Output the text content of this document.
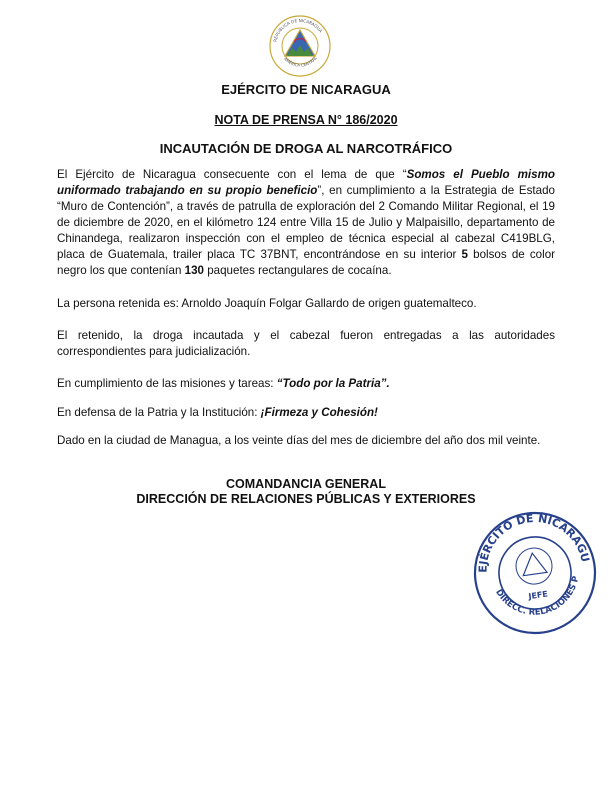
REPÚBLICA DE NICARAGUA
AMÉRICA CENTRAL
EJÉRCITO DE NICARAGUA
NOTA DE PRENSA N° 186/2020
INCAUTACIÓN DE DROGA AL NARCOTRÁFICO

El Ejército de Nicaragua consecuente con el lema de que “Somos el Pueblo mismo uniformado trabajando en su propio beneficio”, en cumplimiento a la Estrategia de Estado “Muro de Contención”, a través de patrulla de exploración del 2 Comando Militar Regional, el 19 de diciembre de 2020, en el kilómetro 124 entre Villa 15 de Julio y Malpaisillo, departamento de Chinandega, realizaron inspección con el empleo de técnica especial al cabezal C419BLG, placa de Guatemala, trailer placa TC 37BNT, encontrándose en su interior 5 bolsos de color negro los que contenían 130 paquetes rectangulares de cocaína.

La persona retenida es: Arnoldo Joaquín Folgar Gallardo de origen guatemalteco.

El retenido, la droga incautada y el cabezal fueron entregadas a las autoridades correspondientes para judicialización.

En cumplimiento de las misiones y tareas: “Todo por la Patria”.

En defensa de la Patria y la Institución: ¡Firmeza y Cohesión!

Dado en la ciudad de Managua, a los veinte días del mes de diciembre del año dos mil veinte.

COMANDANCIA GENERAL
DIRECCIÓN DE RELACIONES PÚBLICAS Y EXTERIORES
EJÉRCITO DE NICARAGUA
DIRECC. RELACIONES PÚBLICAS
JEFE
